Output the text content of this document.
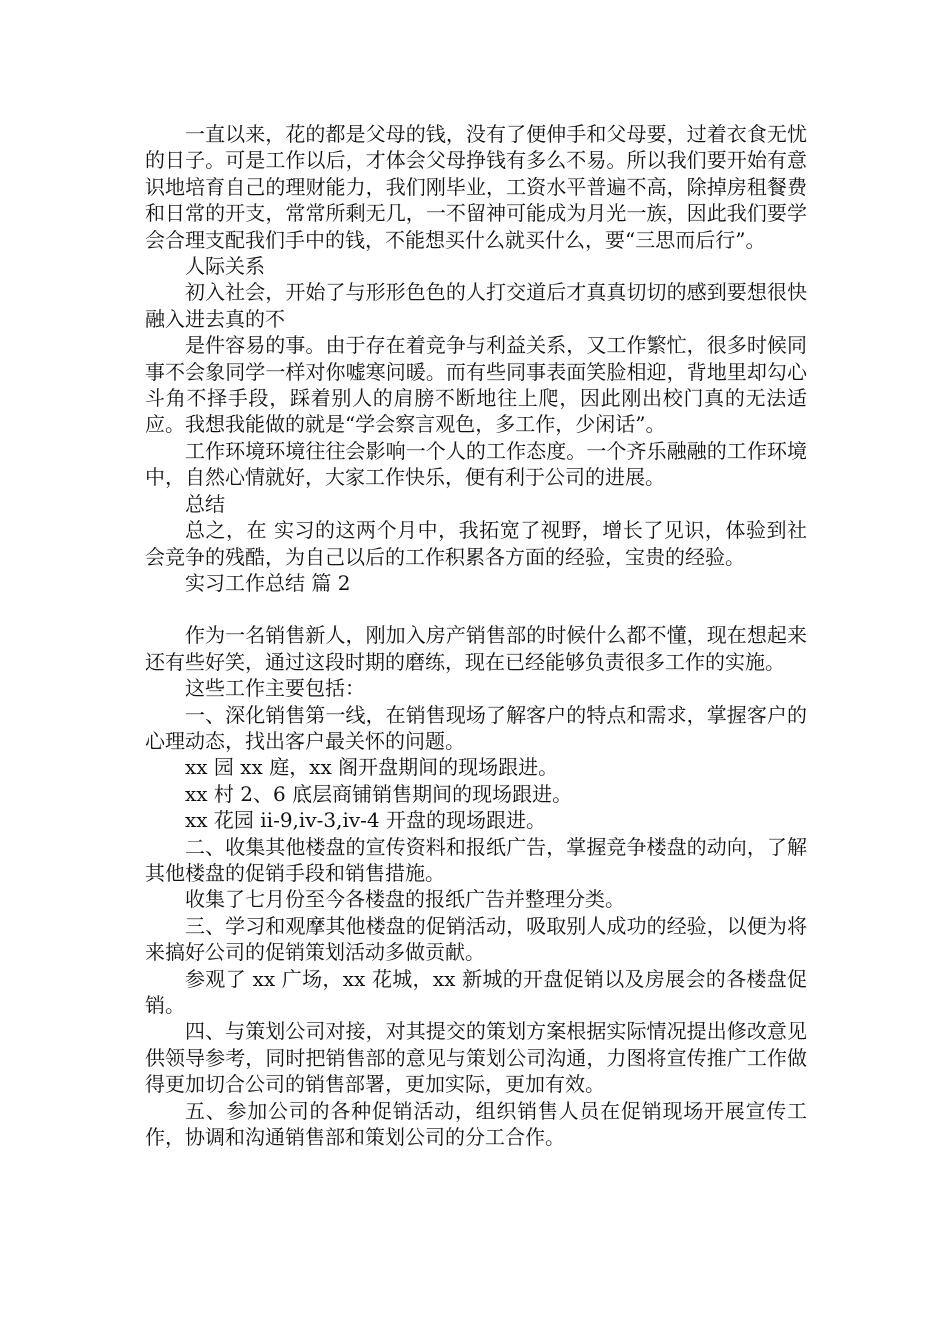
一直以来，花的都是父母的钱，没有了便伸手和父母要，过着衣食无忧的日子。可是工作以后，才体会父母挣钱有多么不易。所以我们要开始有意识地培育自己的理财能力，我们刚毕业，工资水平普遍不高，除掉房租餐费和日常的开支，常常所剩无几，一不留神可能成为月光一族，因此我们要学会合理支配我们手中的钱，不能想买什么就买什么，要“三思而后行”。

人际关系

初入社会，开始了与形形色色的人打交道后才真真切切的感到要想很快融入进去真的不

是件容易的事。由于存在着竞争与利益关系，又工作繁忙，很多时候同事不会象同学一样对你嘘寒问暖。而有些同事表面笑脸相迎，背地里却勾心斗角不择手段，踩着别人的肩膀不断地往上爬，因此刚出校门真的无法适应。我想我能做的就是“学会察言观色，多工作，少闲话”。

工作环境环境往往会影响一个人的工作态度。一个齐乐融融的工作环境中，自然心情就好，大家工作快乐，便有利于公司的进展。

总结

总之，在 实习的这两个月中，我拓宽了视野，增长了见识，体验到社会竞争的残酷，为自己以后的工作积累各方面的经验，宝贵的经验。

实习工作总结 篇 2

作为一名销售新人，刚加入房产销售部的时候什么都不懂，现在想起来还有些好笑，通过这段时期的磨练，现在已经能够负责很多工作的实施。

这些工作主要包括：

一、深化销售第一线，在销售现场了解客户的特点和需求，掌握客户的心理动态，找出客户最关怀的问题。

xx 园 xx 庭，xx 阁开盘期间的现场跟进。

xx 村 2、6 底层商铺销售期间的现场跟进。

xx 花园 ii-9,iv-3,iv-4 开盘的现场跟进。

二、收集其他楼盘的宣传资料和报纸广告，掌握竞争楼盘的动向，了解其他楼盘的促销手段和销售措施。

收集了七月份至今各楼盘的报纸广告并整理分类。

三、学习和观摩其他楼盘的促销活动，吸取别人成功的经验，以便为将来搞好公司的促销策划活动多做贡献。

参观了 xx 广场，xx 花城，xx 新城的开盘促销以及房展会的各楼盘促销。

四、与策划公司对接，对其提交的策划方案根据实际情况提出修改意见供领导参考，同时把销售部的意见与策划公司沟通，力图将宣传推广工作做得更加切合公司的销售部署，更加实际，更加有效。

五、参加公司的各种促销活动，组织销售人员在促销现场开展宣传工作，协调和沟通销售部和策划公司的分工合作。
